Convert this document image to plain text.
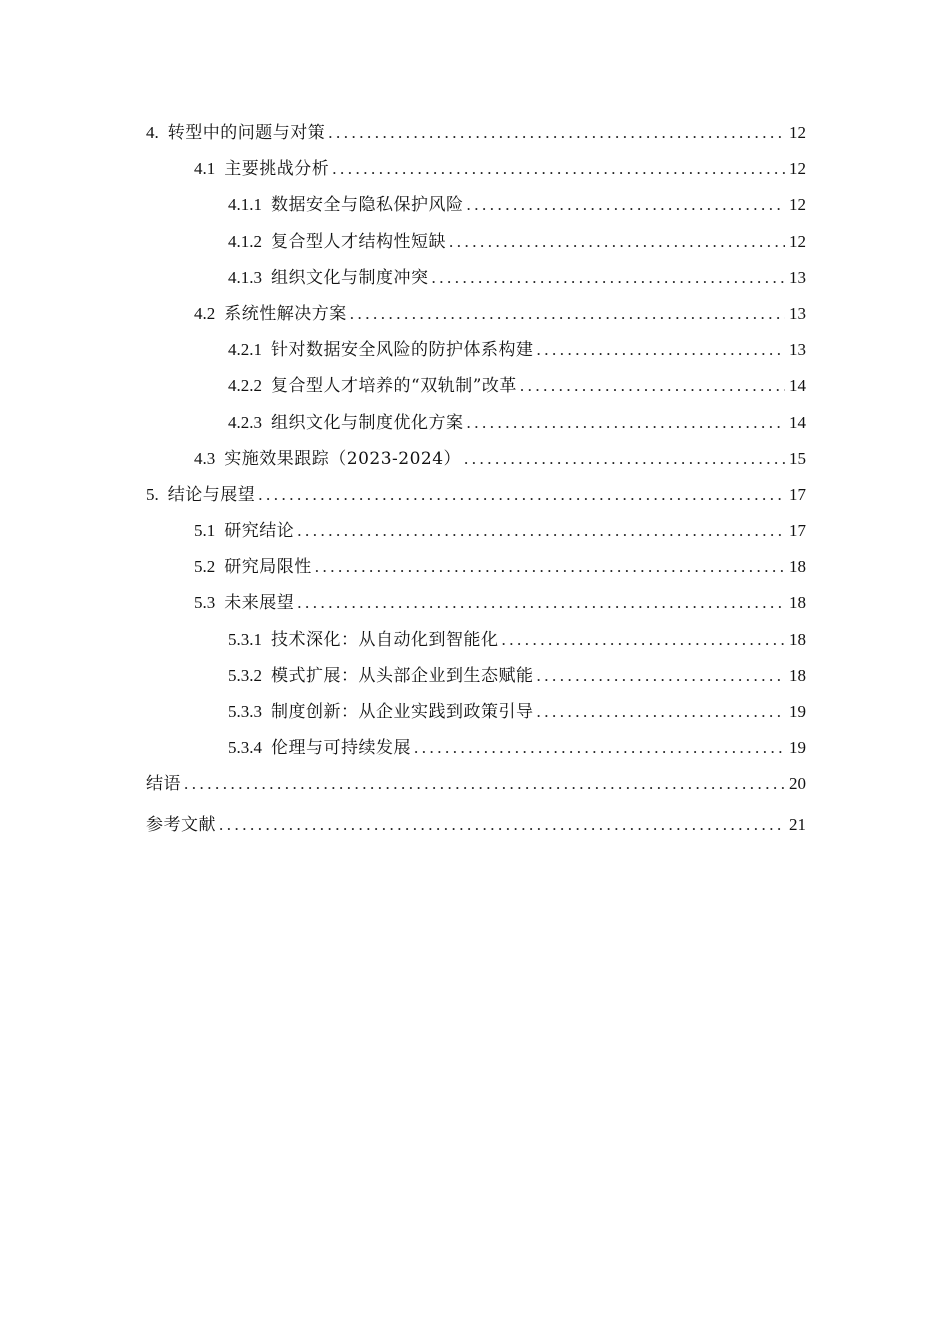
4. 转型中的问题与对策 .....	12
4.1 主要挑战分析 .....	12
4.1.1 数据安全与隐私保护风险 .....	12
4.1.2 复合型人才结构性短缺 .....	12
4.1.3 组织文化与制度冲突 .....	13
4.2 系统性解决方案 .....	13
4.2.1 针对数据安全风险的防护体系构建 .....	13
4.2.2 复合型人才培养的“双轨制”改革 .....	14
4.2.3 组织文化与制度优化方案 .....	14
4.3 实施效果跟踪（2023-2024） .....	15
5. 结论与展望 .....	17
5.1 研究结论 .....	17
5.2 研究局限性 .....	18
5.3 未来展望 .....	18
5.3.1 技术深化：从自动化到智能化 .....	18
5.3.2 模式扩展：从头部企业到生态赋能 .....	18
5.3.3 制度创新：从企业实践到政策引导 .....	19
5.3.4 伦理与可持续发展 .....	19
结语 .....	20
参考文献 .....	21
